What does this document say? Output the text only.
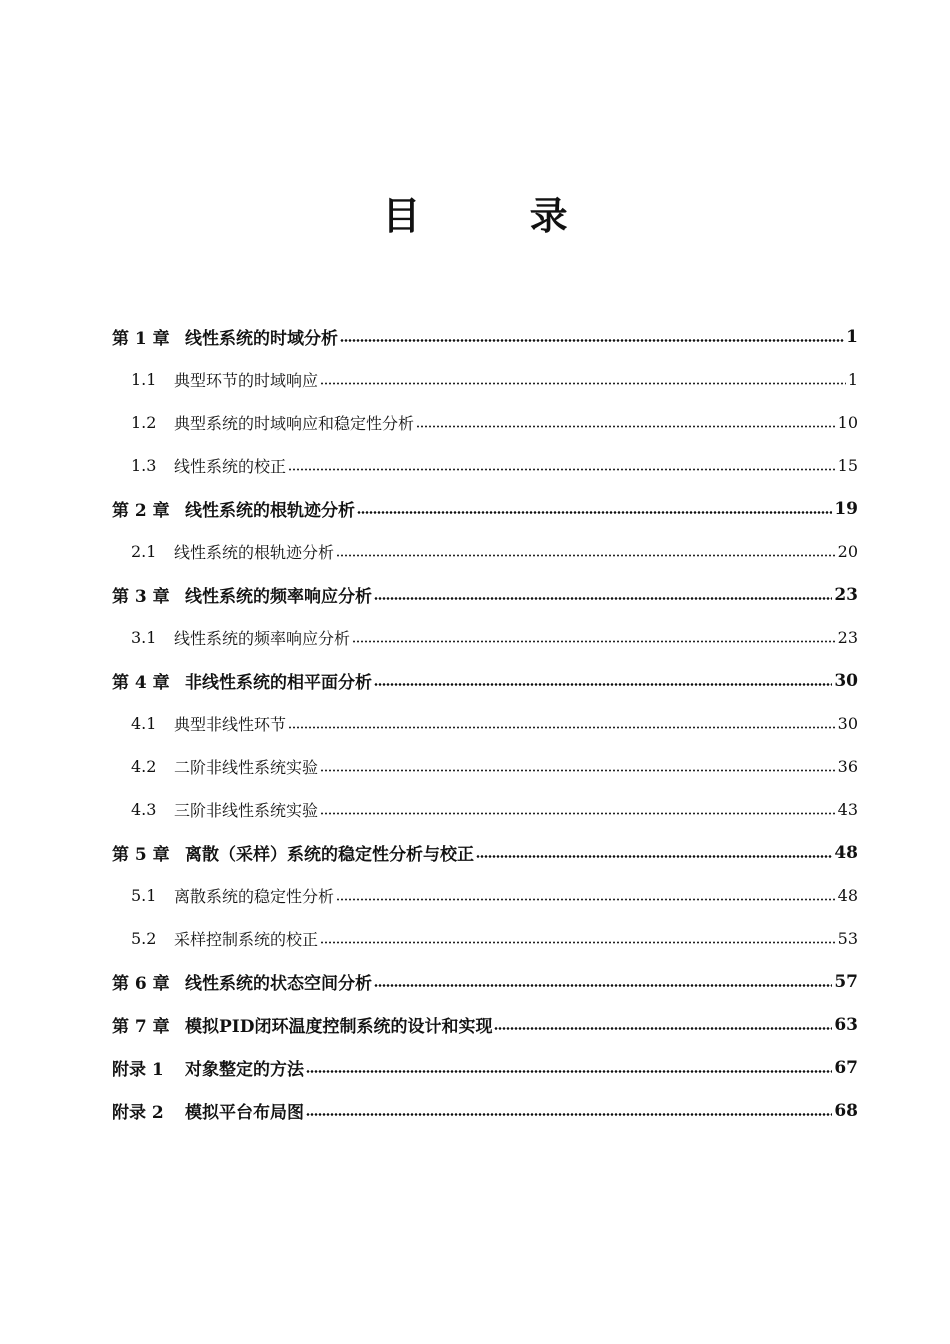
目 录
第 1 章 线性系统的时域分析	1
1.1	典型环节的时域响应	1
1.2	典型系统的时域响应和稳定性分析	10
1.3	线性系统的校正	15
第 2 章 线性系统的根轨迹分析	19
2.1	线性系统的根轨迹分析	20
第 3 章 线性系统的频率响应分析	23
3.1	线性系统的频率响应分析	23
第 4 章 非线性系统的相平面分析	30
4.1	典型非线性环节	30
4.2	二阶非线性系统实验	36
4.3	三阶非线性系统实验	43
第 5 章 离散（采样）系统的稳定性分析与校正	48
5.1	离散系统的稳定性分析	48
5.2	采样控制系统的校正	53
第 6 章 线性系统的状态空间分析	57
第 7 章 模拟PID闭环温度控制系统的设计和实现	63
附录 1	对象整定的方法	67
附录 2	模拟平台布局图	68
